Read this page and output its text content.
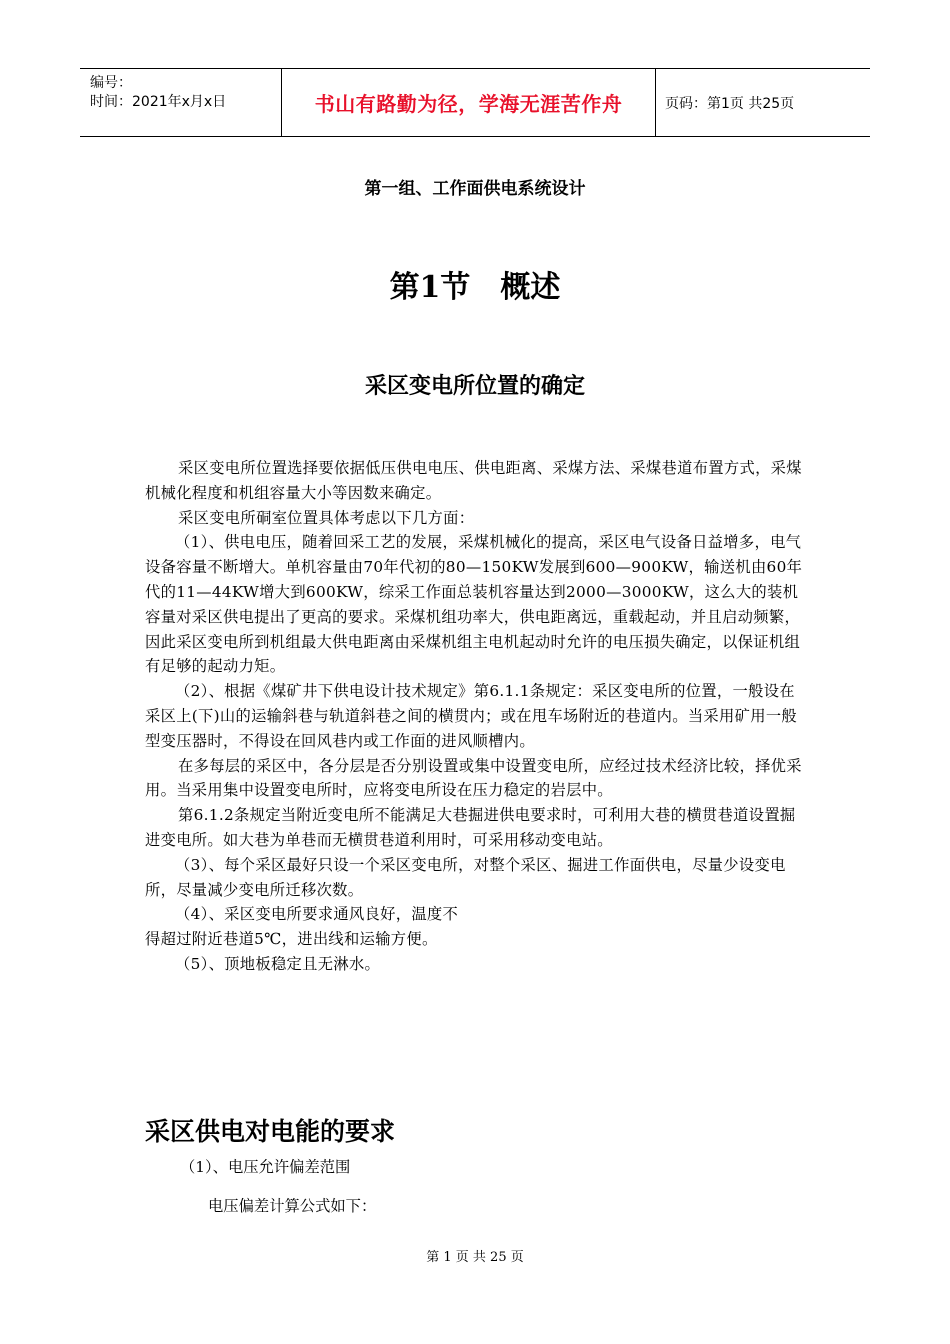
编号：
时间：2021年x月x日	书山有路勤为径，学海无涯苦作舟	页码：第1页 共25页
第一组、工作面供电系统设计
第1节　概述
采区变电所位置的确定

采区变电所位置选择要依据低压供电电压、供电距离、采煤方法、采煤巷道布置方式，采煤机械化程度和机组容量大小等因数来确定。

采区变电所硐室位置具体考虑以下几方面：

（1）、供电电压，随着回采工艺的发展，采煤机械化的提高，采区电气设备日益增多，电气设备容量不断增大。单机容量由70年代初的80—150KW发展到600—900KW，输送机由60年代的11—44KW增大到600KW，综采工作面总装机容量达到2000—3000KW，这么大的装机容量对采区供电提出了更高的要求。采煤机组功率大，供电距离远，重载起动，并且启动频繁，因此采区变电所到机组最大供电距离由采煤机组主电机起动时允许的电压损失确定，以保证机组有足够的起动力矩。

（2）、根据《煤矿井下供电设计技术规定》第6.1.1条规定：采区变电所的位置，一般设在采区上(下)山的运输斜巷与轨道斜巷之间的横贯内；或在甩车场附近的巷道内。当采用矿用一般型变压器时，不得设在回风巷内或工作面的进风顺槽内。

在多每层的采区中，各分层是否分别设置或集中设置变电所，应经过技术经济比较，择优采用。当采用集中设置变电所时，应将变电所设在压力稳定的岩层中。

第6.1.2条规定当附近变电所不能满足大巷掘进供电要求时，可利用大巷的横贯巷道设置掘进变电所。如大巷为单巷而无横贯巷道利用时，可采用移动变电站。

（3）、每个采区最好只设一个采区变电所，对整个采区、掘进工作面供电，尽量少设变电所，尽量减少变电所迁移次数。

（4）、采区变电所要求通风良好，温度不

得超过附近巷道5℃，进出线和运输方便。

（5）、顶地板稳定且无淋水。

采区供电对电能的要求
（1）、电压允许偏差范围
电压偏差计算公式如下：
第 1 页 共 25 页
